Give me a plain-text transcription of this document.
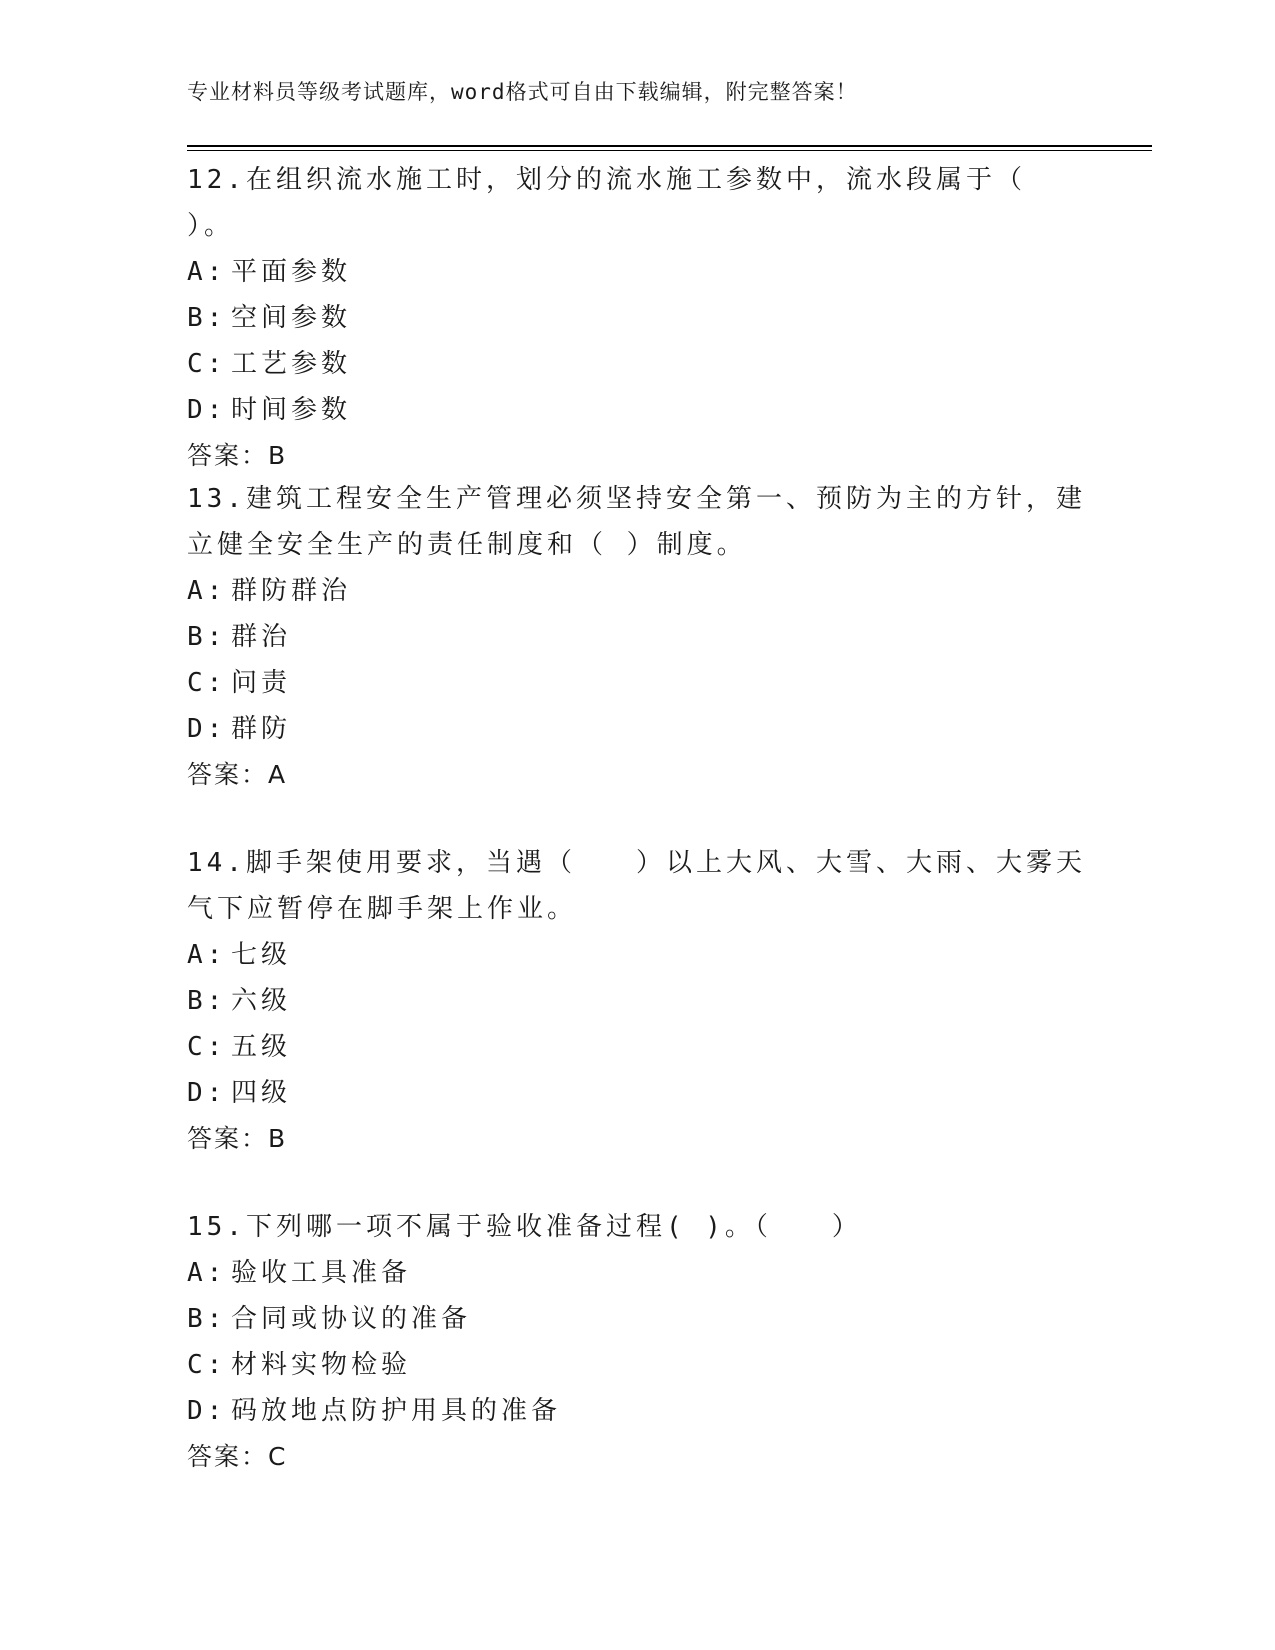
专业材料员等级考试题库，word格式可自由下载编辑，附完整答案！
12.在组织流水施工时，划分的流水施工参数中，流水段属于（ ）。
A: 平面参数
B: 空间参数
C: 工艺参数
D: 时间参数
答案：B
13.建筑工程安全生产管理必须坚持安全第一、预防为主的方针，建立健全安全生产的责任制度和（ ）制度。
A: 群防群治
B: 群治
C: 问责
D: 群防
答案：A
14.脚手架使用要求，当遇（　　）以上大风、大雪、大雨、大雾天气下应暂停在脚手架上作业。
A: 七级
B: 六级
C: 五级
D: 四级
答案：B
15.下列哪一项不属于验收准备过程( )。（　　）
A: 验收工具准备
B: 合同或协议的准备
C: 材料实物检验
D: 码放地点防护用具的准备
答案：C
